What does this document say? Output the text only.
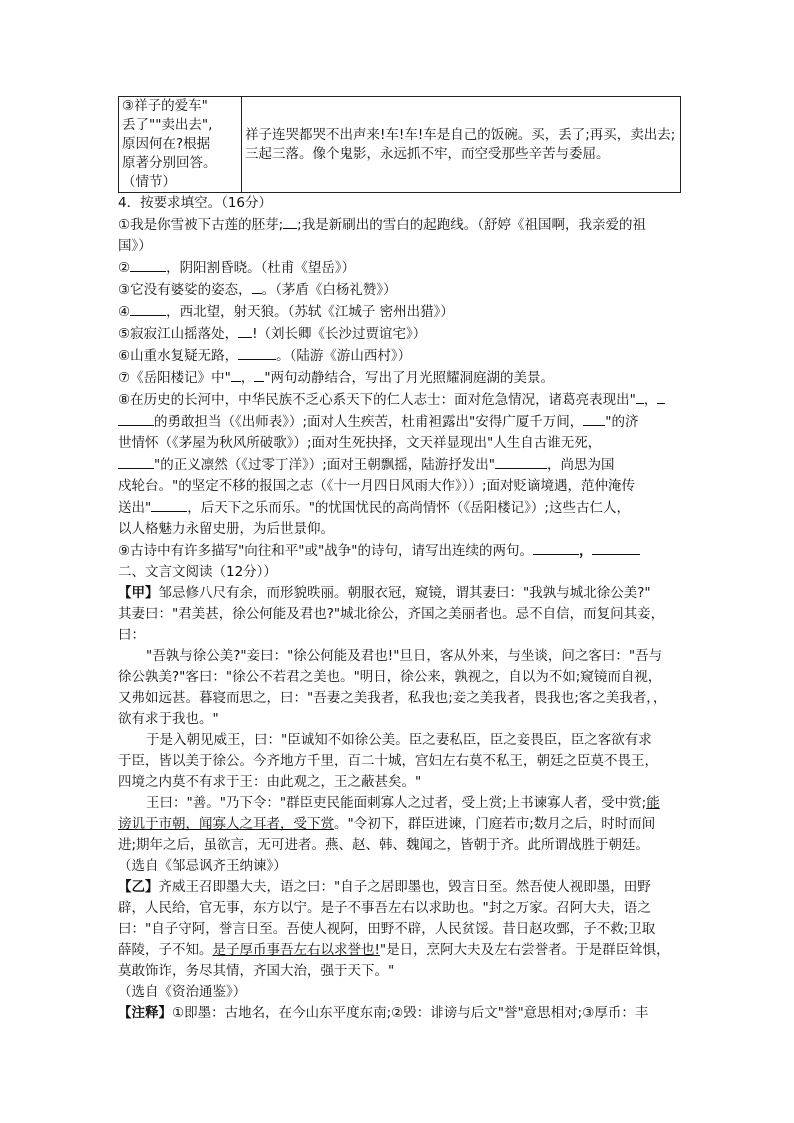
③祥子的爱车"
丢了""卖出去",
原因何在?根据
原著分别回答。
（情节）

祥子连哭都哭不出声来!车!车!车是自己的饭碗。买，丢了;再买，卖出去;
三起三落。像个鬼影，永远抓不牢，而空受那些辛苦与委屈。
4．按要求填空。（16分）
①我是你雪被下古莲的胚芽; ;我是新刷出的雪白的起跑线。（舒婷《祖国啊，我亲爱的祖
国》）
②	，阴阳割昏晓。（杜甫《望岳》）
③它没有婆娑的姿态， 。（茅盾《白杨礼赞》）
④	，西北望，射天狼。（苏轼《江城子 密州出猎》）
⑤寂寂江山摇落处， !（刘长卿《长沙过贾谊宅》）
⑥山重水复疑无路，	。（陆游《游山西村》）
⑦《岳阳楼记》中" ， "两句动静结合，写出了月光照耀洞庭湖的美景。
⑧在历史的长河中，中华民族不乏心系天下的仁人志士：面对危急情况，诸葛亮表现出" ，
的勇敢担当（《出师表》）;面对人生疾苦，杜甫袒露出"安得广厦千万间， "的济
世情怀（《茅屋为秋风所破歌》）;面对生死抉择，文天祥显现出"人生自古谁无死，
"的正义凛然（《过零丁洋》）;面对王朝飘摇，陆游抒发出"	，尚思为国
戍轮台。"的坚定不移的报国之志（《十一月四日风雨大作》））;面对贬谪境遇，范仲淹传
送出"	，后天下之乐而乐。"的忧国忧民的高尚情怀（《岳阳楼记》）;这些古仁人，
以人格魅力永留史册，为后世景仰。
⑨古诗中有许多描写"向往和平"或"战争"的诗句，请写出连续的两句。	，
二、文言文阅读（12分））
【甲】邹忌修八尺有余，而形貌昳丽。朝服衣冠，窥镜，谓其妻曰："我孰与城北徐公美?"
其妻曰："君美甚，徐公何能及君也?"城北徐公，齐国之美丽者也。忌不自信，而复问其妾，
曰：
"吾孰与徐公美?"妾曰："徐公何能及君也!"旦日，客从外来，与坐谈，问之客曰："吾与
徐公孰美?"客曰："徐公不若君之美也。"明日，徐公来，孰视之，自以为不如;窥镜而自视，
又弗如远甚。暮寝而思之，曰："吾妻之美我者，私我也;妾之美我者，畏我也;客之美我者，，
欲有求于我也。"
于是入朝见威王，曰："臣诚知不如徐公美。臣之妻私臣，臣之妾畏臣，臣之客欲有求
于臣，皆以美于徐公。今齐地方千里，百二十城，宫妇左右莫不私王，朝廷之臣莫不畏王，
四境之内莫不有求于王：由此观之，王之蔽甚矣。"
王曰："善。"乃下令："群臣吏民能面刺寡人之过者，受上赏;上书谏寡人者，受中赏;能
谤讥于市朝，闻寡人之耳者，受下赏。"令初下，群臣进谏，门庭若市;数月之后，时时而间
进;期年之后，虽欲言，无可进者。燕、赵、韩、魏闻之，皆朝于齐。此所谓战胜于朝廷。
（选自《邹忌讽齐王纳谏》）
【乙】齐威王召即墨大夫，语之曰："自子之居即墨也，毁言日至。然吾使人视即墨，田野
辟，人民给，官无事，东方以宁。是子不事吾左右以求助也。"封之万家。召阿大夫，语之
曰："自子守阿，誉言日至。吾使人视阿，田野不辟，人民贫馁。昔日赵攻鄄，子不救;卫取
薛陵，子不知。是子厚币事吾左右以求誉也!"是日，烹阿大夫及左右尝誉者。于是群臣耸惧，
莫敢饰诈，务尽其情，齐国大治，强于天下。"
（选自《资治通鉴》）
【注释】①即墨：古地名，在今山东平度东南;②毁：诽谤与后文"誉"意思相对;③厚币：丰
